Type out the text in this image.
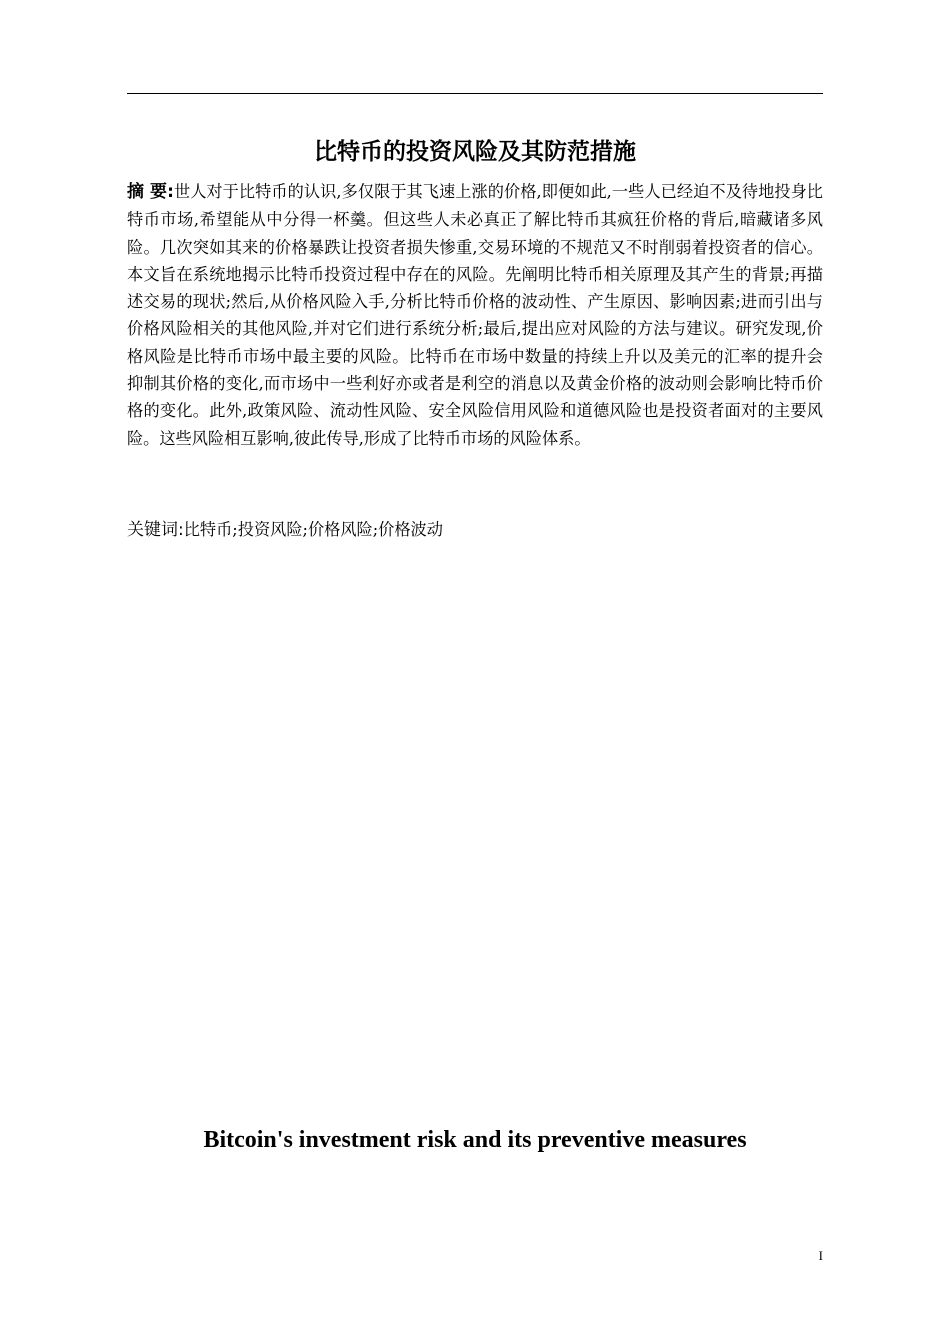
比特币的投资风险及其防范措施

摘 要:世人对于比特币的认识,多仅限于其飞速上涨的价格,即便如此,一些人已经迫不及待地投身比特币市场,希望能从中分得一杯羹。但这些人未必真正了解比特币其疯狂价格的背后,暗藏诸多风险。几次突如其来的价格暴跌让投资者损失惨重,交易环境的不规范又不时削弱着投资者的信心。本文旨在系统地揭示比特币投资过程中存在的风险。先阐明比特币相关原理及其产生的背景;再描述交易的现状;然后,从价格风险入手,分析比特币价格的波动性、产生原因、影响因素;进而引出与价格风险相关的其他风险,并对它们进行系统分析;最后,提出应对风险的方法与建议。研究发现,价格风险是比特币市场中最主要的风险。比特币在市场中数量的持续上升以及美元的汇率的提升会抑制其价格的变化,而市场中一些利好亦或者是利空的消息以及黄金价格的波动则会影响比特币价格的变化。此外,政策风险、流动性风险、安全风险信用风险和道德风险也是投资者面对的主要风险。这些风险相互影响,彼此传导,形成了比特币市场的风险体系。

关键词:比特币;投资风险;价格风险;价格波动

Bitcoin's investment risk and its preventive measures
I
